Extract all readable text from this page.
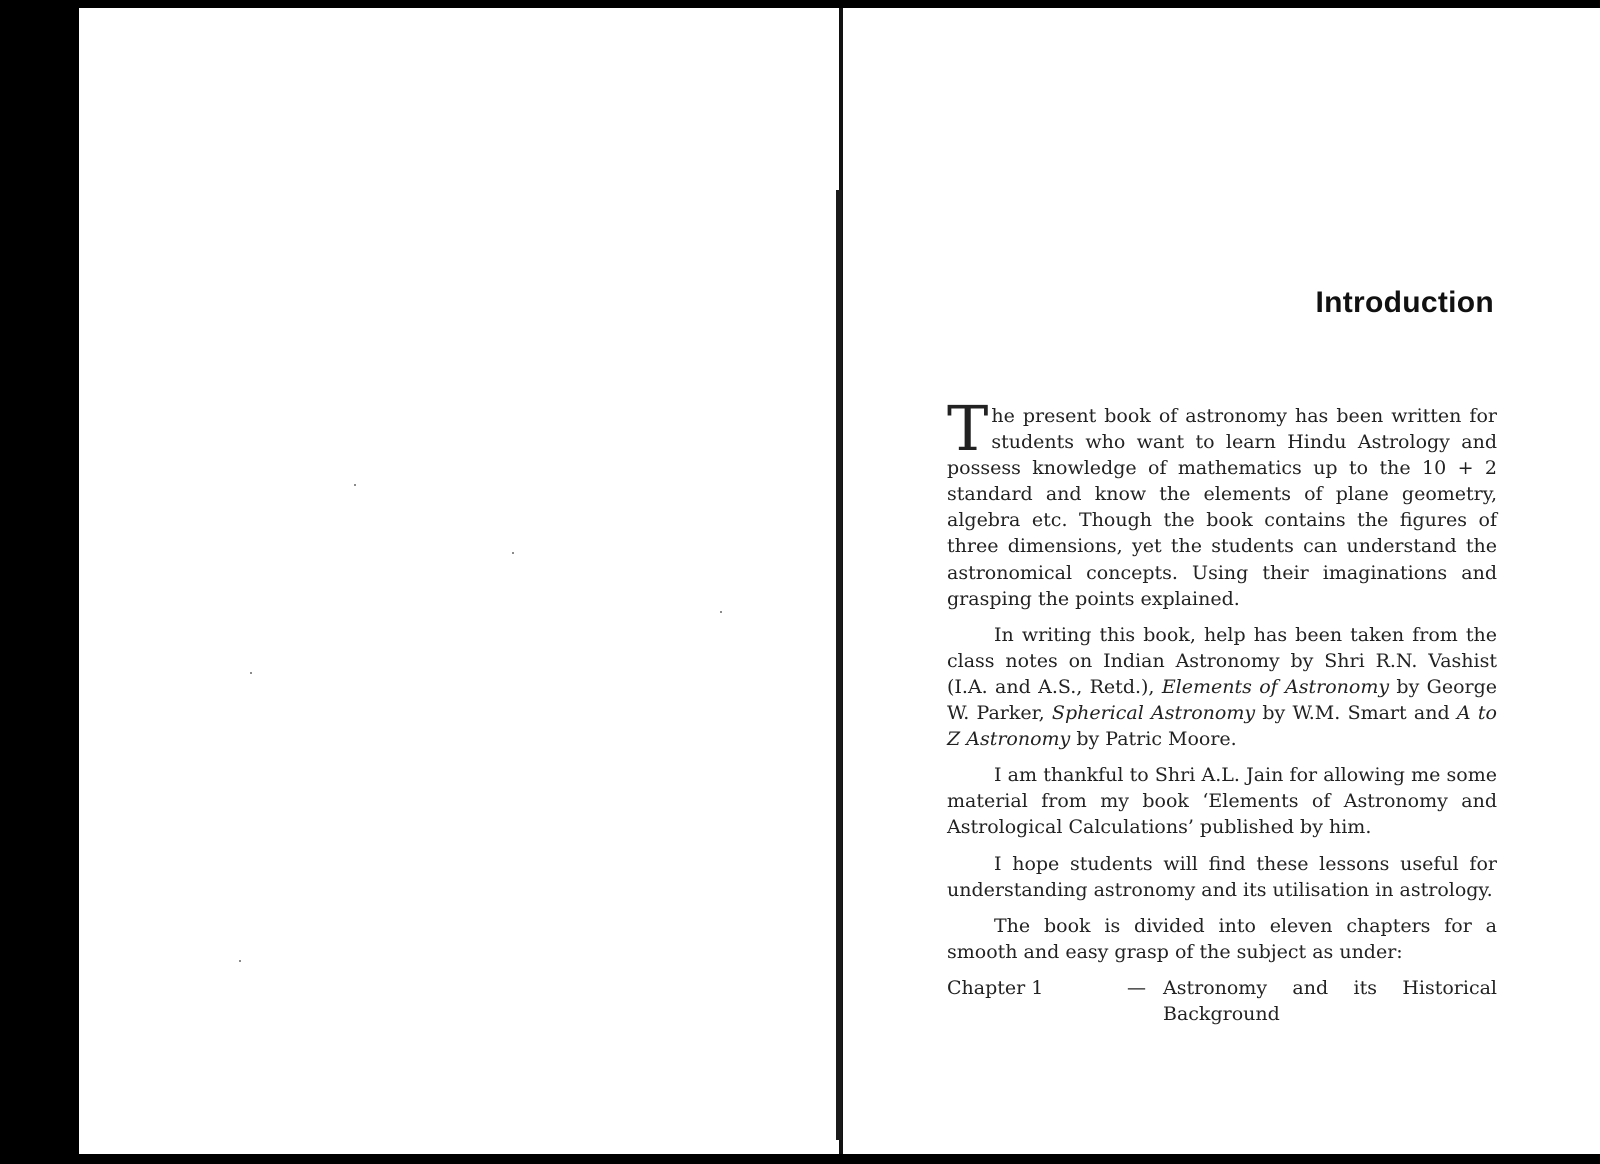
Introduction

The present book of astronomy has been written for students who want to learn Hindu Astrology and possess knowledge of mathematics up to the 10 + 2 standard and know the elements of plane geometry, algebra etc. Though the book contains the figures of three dimensions, yet the students can understand the astronomical concepts. Using their imaginations and grasping the points explained.

In writing this book, help has been taken from the class notes on Indian Astronomy by Shri R.N. Vashist (I.A. and A.S., Retd.), Elements of Astronomy by George W. Parker, Spherical Astronomy by W.M. Smart and A to Z Astronomy by Patric Moore.

I am thankful to Shri A.L. Jain for allowing me some material from my book ‘Elements of Astronomy and Astrological Calculations’ published by him.

I hope students will find these lessons useful for understanding astronomy and its utilisation in astrology.

The book is divided into eleven chapters for a smooth and easy grasp of the subject as under:

Chapter 1	— Astronomy and its Historical Background
